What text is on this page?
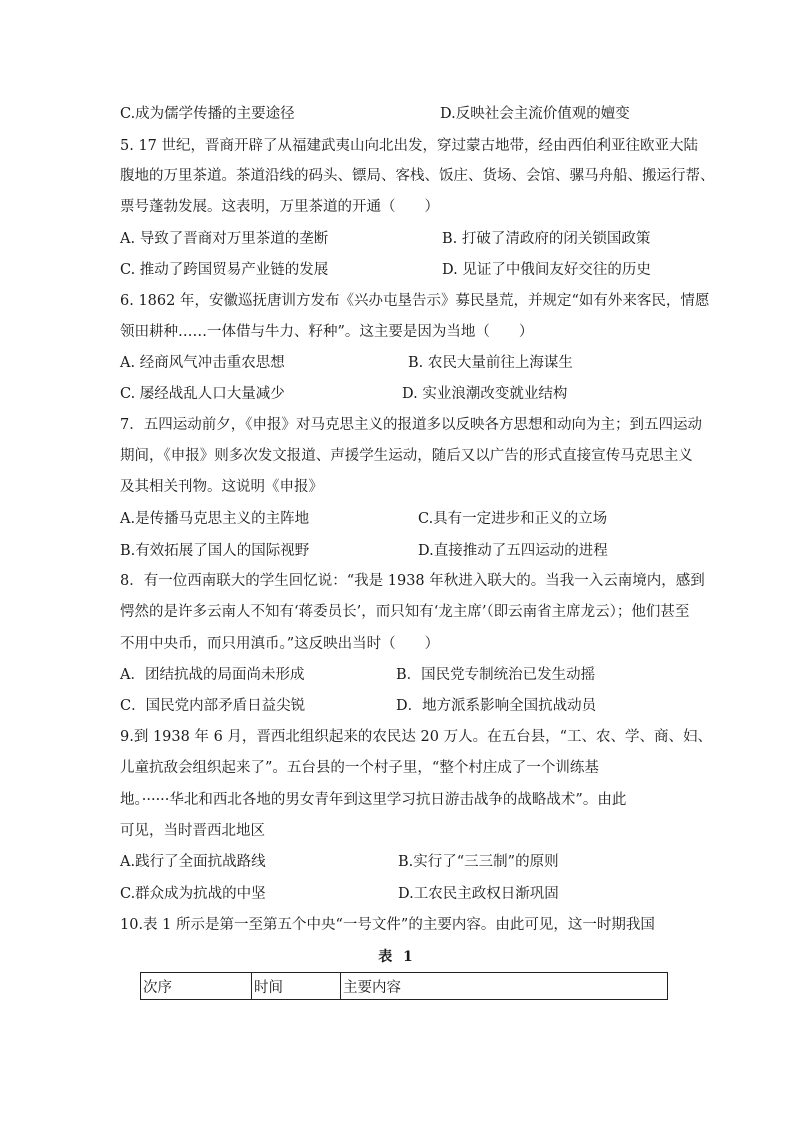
C.成为儒学传播的主要途径	D.反映社会主流价值观的嬗变
5. 17 世纪，晋商开辟了从福建武夷山向北出发，穿过蒙古地带，经由西伯利亚往欧亚大陆
腹地的万里茶道。茶道沿线的码头、镖局、客栈、饭庄、货场、会馆、骡马舟船、搬运行帮、
票号蓬勃发展。这表明，万里茶道的开通（　　）
A. 导致了晋商对万里茶道的垄断	B. 打破了清政府的闭关锁国政策
C. 推动了跨国贸易产业链的发展	D. 见证了中俄间友好交往的历史
6. 1862 年，安徽巡抚唐训方发布《兴办屯垦告示》募民垦荒，并规定“如有外来客民，情愿
领田耕种……一体借与牛力、籽种”。这主要是因为当地（　　）
A. 经商风气冲击重农思想	B. 农民大量前往上海谋生
C. 屡经战乱人口大量减少	D. 实业浪潮改变就业结构
7．五四运动前夕，《申报》对马克思主义的报道多以反映各方思想和动向为主；到五四运动
期间，《申报》则多次发文报道、声援学生运动，随后又以广告的形式直接宣传马克思主义
及其相关刊物。这说明《申报》
A.是传播马克思主义的主阵地	C.具有一定进步和正义的立场
B.有效拓展了国人的国际视野	D.直接推动了五四运动的进程
8．有一位西南联大的学生回忆说：“我是 1938 年秋进入联大的。当我一入云南境内，感到
愕然的是许多云南人不知有‘蒋委员长’，而只知有‘龙主席’（即云南省主席龙云）；他们甚至
不用中央币，而只用滇币。”这反映出当时（　　）
A．团结抗战的局面尚未形成	B．国民党专制统治已发生动摇
C．国民党内部矛盾日益尖锐	D．地方派系影响全国抗战动员
9.到 1938 年 6 月，晋西北组织起来的农民达 20 万人。在五台县，“工、农、学、商、妇、
儿童抗敌会组织起来了”。五台县的一个村子里，“整个村庄成了一个训练基
地。······华北和西北各地的男女青年到这里学习抗日游击战争的战略战术”。由此
可见，当时晋西北地区
A.践行了全面抗战路线	B.实行了“三三制”的原则
C.群众成为抗战的中坚	D.工农民主政权日渐巩固
10.表 1 所示是第一至第五个中央“一号文件”的主要内容。由此可见，这一时期我国
表 1
次序	时间	主要内容
